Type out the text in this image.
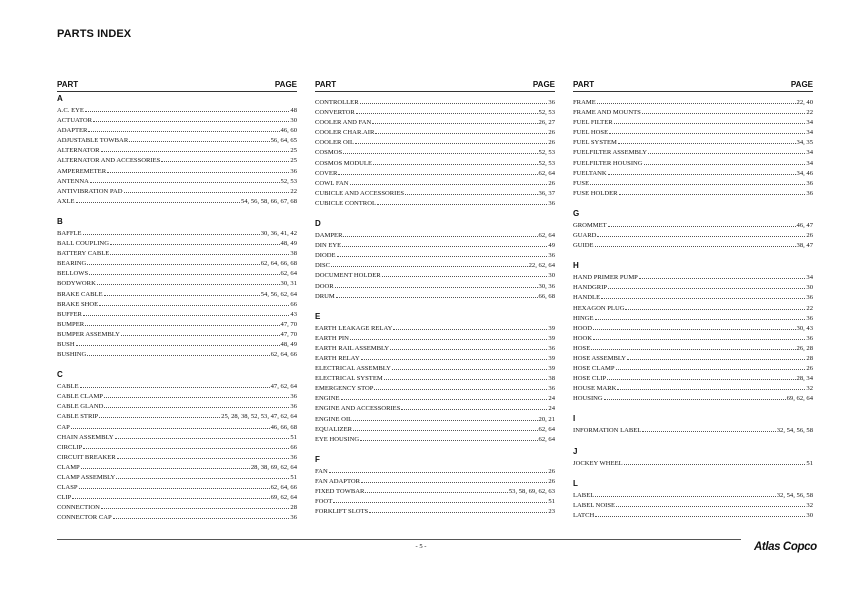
PARTS INDEX
PART	PAGE
A
A.C. EYE	48
ACTUATOR	30
ADAPTER	46, 60
ADJUSTABLE TOWBAR	56, 64, 65
ALTERNATOR	25
ALTERNATOR AND ACCESSORIES	25
AMPEREMETER	36
ANTENNA	52, 53
ANTIVIBRATION PAD	22
AXLE	54, 56, 58, 66, 67, 68
B
BAFFLE	30, 36, 41, 42
BALL COUPLING	48, 49
BATTERY CABLE	38
BEARING	62, 64, 66, 68
BELLOWS	62, 64
BODYWORK	30, 31
BRAKE CABLE	54, 56, 62, 64
BRAKE SHOE	66
BUFFER	43
BUMPER	47, 70
BUMPER ASSEMBLY	47, 70
BUSH	48, 49
BUSHING	62, 64, 66
C
CABLE	47, 62, 64
CABLE CLAMP	36
CABLE GLAND	36
CABLE STRIP	25, 28, 38, 52, 53, 47, 62, 64
CAP	46, 66, 68
CHAIN ASSEMBLY	51
CIRCLIP	66
CIRCUIT BREAKER	36
CLAMP	28, 38, 69, 62, 64
CLAMP ASSEMBLY	51
CLASP	62, 64, 66
CLIP	69, 62, 64
CONNECTION	28
CONNECTOR CAP	36
PART	PAGE
CONTROLLER	36
CONVERTOR	52, 53
COOLER AND FAN	26, 27
COOLER CHAR.AIR	26
COOLER OIL	26
COSMOS	52, 53
COSMOS MODULE	52, 53
COVER	62, 64
COWL FAN	26
CUBICLE AND ACCESSORIES	36, 37
CUBICLE CONTROL	36
D
DAMPER	62, 64
DIN EYE	49
DIODE	36
DISC	22, 62, 64
DOCUMENT HOLDER	30
DOOR	30, 36
DRUM	66, 68
E
EARTH LEAKAGE RELAY	39
EARTH PIN	39
EARTH RAIL ASSEMBLY	36
EARTH RELAY	39
ELECTRICAL ASSEMBLY	39
ELECTRICAL SYSTEM	38
EMERGENCY STOP	36
ENGINE	24
ENGINE AND ACCESSORIES	24
ENGINE OIL	20, 21
EQUALIZER	62, 64
EYE HOUSING	62, 64
F
FAN	26
FAN ADAPTOR	26
FIXED TOWBAR	53, 58, 69, 62, 63
FOOT	51
FORKLIFT SLOTS	23
PART	PAGE
FRAME	22, 40
FRAME AND MOUNTS	22
FUEL FILTER	34
FUEL HOSE	34
FUEL SYSTEM	34, 35
FUELFILTER ASSEMBLY	34
FUELFILTER HOUSING	34
FUELTANK	34, 46
FUSE	36
FUSE HOLDER	36
G
GROMMET	46, 47
GUARD	26
GUIDE	38, 47
H
HAND PRIMER PUMP	34
HANDGRIP	30
HANDLE	36
HEXAGON PLUG	22
HINGE	36
HOOD	30, 43
HOOK	36
HOSE	26, 28
HOSE ASSEMBLY	28
HOSE CLAMP	26
HOSE CLIP	28, 34
HOUSE MARK	32
HOUSING	69, 62, 64
I
INFORMATION LABEL	32, 54, 56, 58
J
JOCKEY WHEEL	51
L
LABEL	32, 54, 56, 58
LABEL NOISE	32
LATCH	30
- 5 -	Atlas Copco
